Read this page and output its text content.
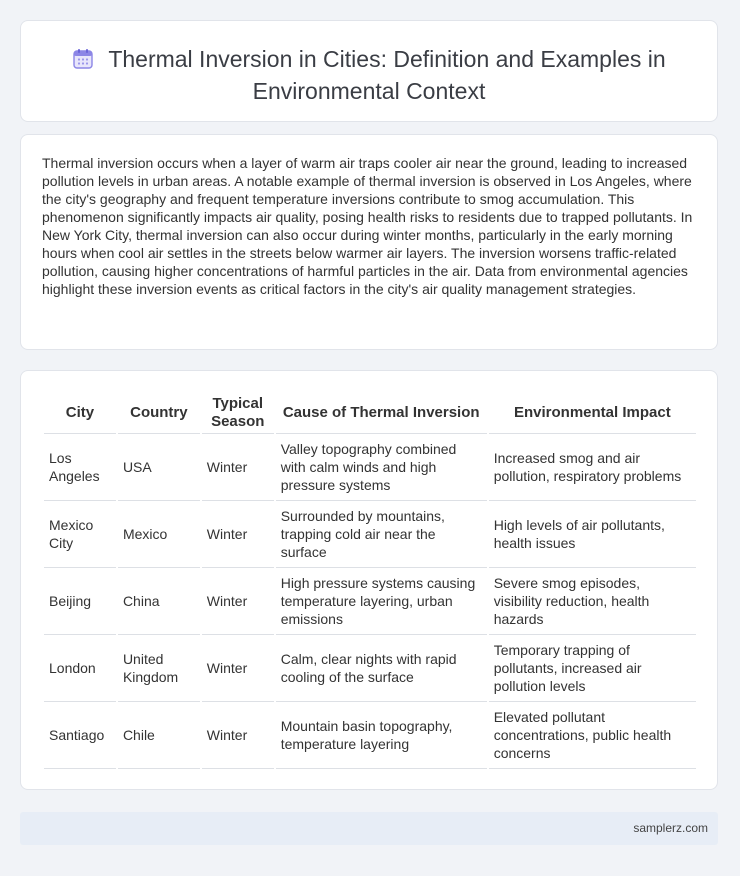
Thermal Inversion in Cities: Definition and Examples in Environmental Context
Thermal inversion occurs when a layer of warm air traps cooler air near the ground, leading to increased pollution levels in urban areas. A notable example of thermal inversion is observed in Los Angeles, where the city's geography and frequent temperature inversions contribute to smog accumulation. This phenomenon significantly impacts air quality, posing health risks to residents due to trapped pollutants. In New York City, thermal inversion can also occur during winter months, particularly in the early morning hours when cool air settles in the streets below warmer air layers. The inversion worsens traffic-related pollution, causing higher concentrations of harmful particles in the air. Data from environmental agencies highlight these inversion events as critical factors in the city's air quality management strategies.
City	Country	Typical Season	Cause of Thermal Inversion	Environmental Impact
Los Angeles	USA	Winter	Valley topography combined with calm winds and high pressure systems	Increased smog and air pollution, respiratory problems
Mexico City	Mexico	Winter	Surrounded by mountains, trapping cold air near the surface	High levels of air pollutants, health issues
Beijing	China	Winter	High pressure systems causing temperature layering, urban emissions	Severe smog episodes, visibility reduction, health hazards
London	United Kingdom	Winter	Calm, clear nights with rapid cooling of the surface	Temporary trapping of pollutants, increased air pollution levels
Santiago	Chile	Winter	Mountain basin topography, temperature layering	Elevated pollutant concentrations, public health concerns
samplerz.com
